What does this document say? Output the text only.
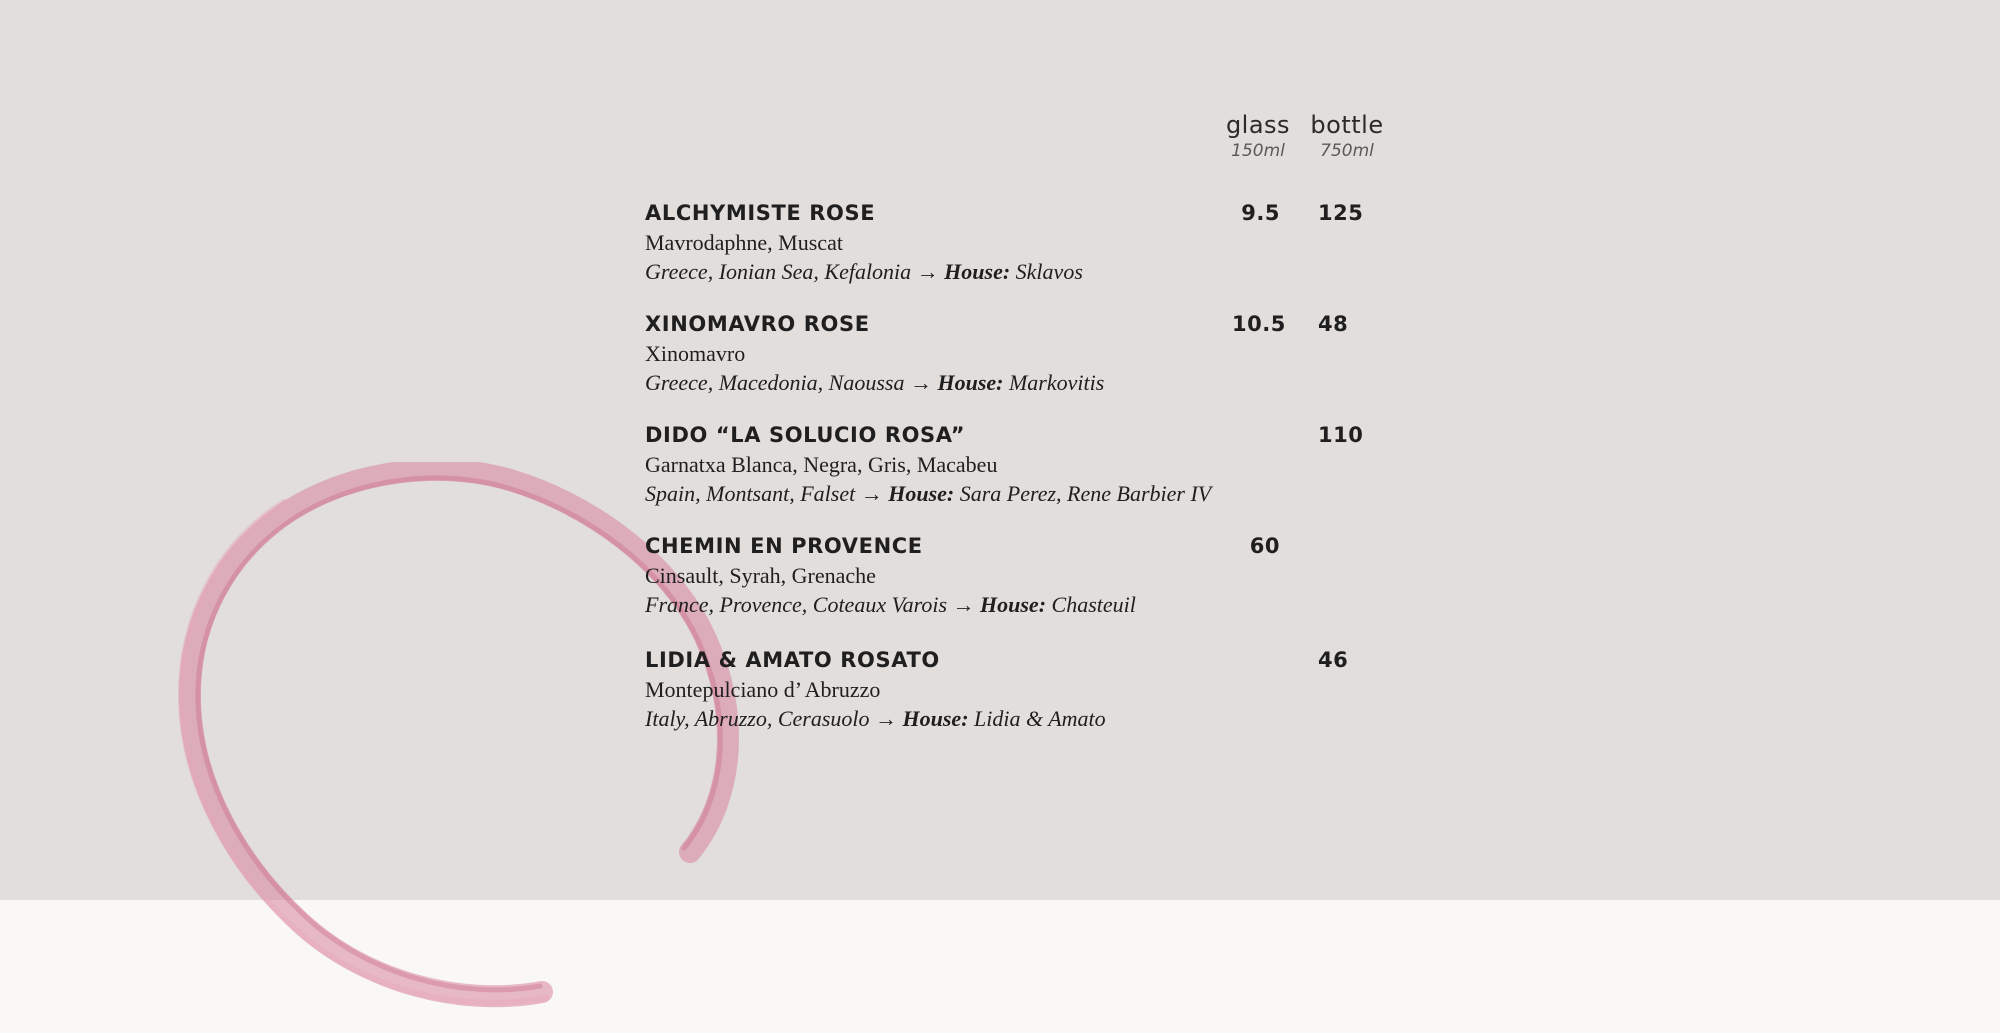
glass
150ml
bottle
750ml
ALCHYMISTE ROSE
Mavrodaphne, Muscat
Greece, Ionian Sea, Kefalonia → House: Sklavos
9.5 125
XINOMAVRO ROSE
Xinomavro
Greece, Macedonia, Naoussa → House: Markovitis
10.5 48
DIDO “LA SOLUCIO ROSA”
Garnatxa Blanca, Negra, Gris, Macabeu
Spain, Montsant, Falset → House: Sara Perez, Rene Barbier IV
110
CHEMIN EN PROVENCE
Cinsault, Syrah, Grenache
France, Provence, Coteaux Varois → House: Chasteuil
60
LIDIA & AMATO ROSATO
Montepulciano d’ Abruzzo
Italy, Abruzzo, Cerasuolo → House: Lidia & Amato
46
